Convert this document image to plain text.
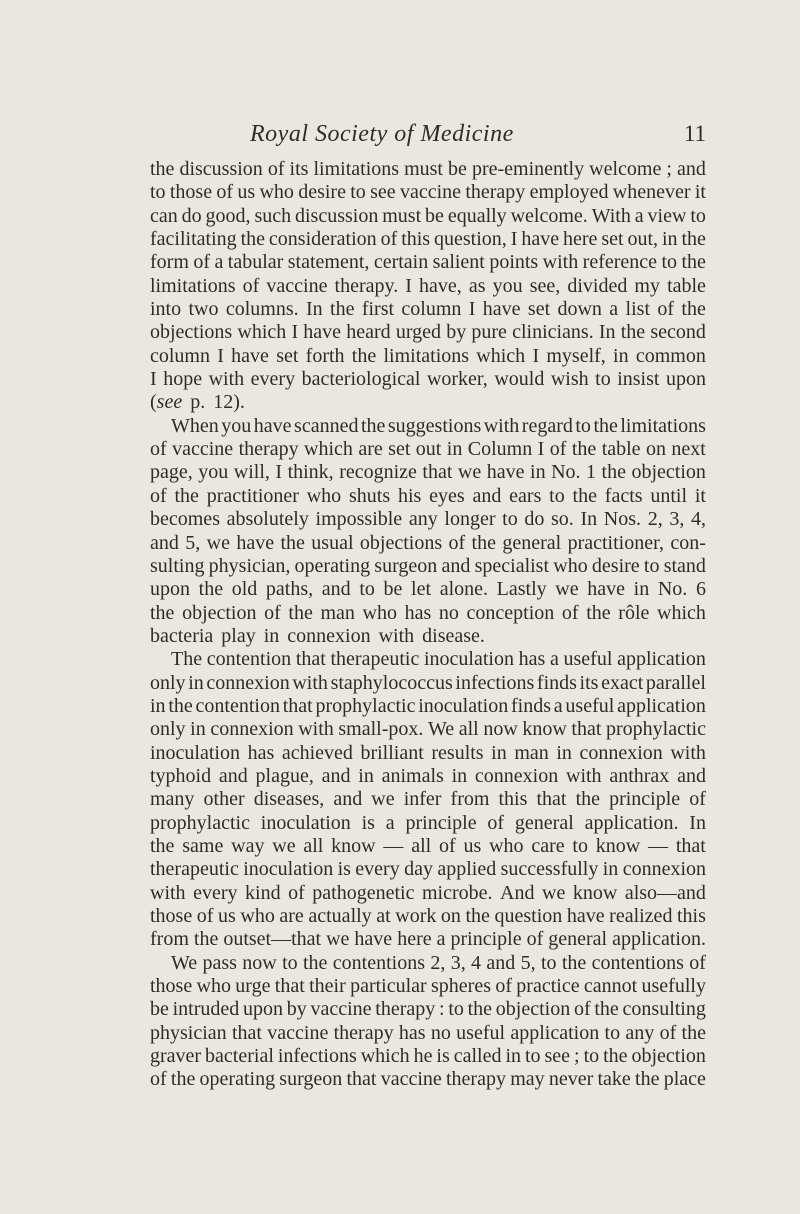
Royal Society of Medicine	11
the discussion of its limitations must be pre-eminently welcome ; and
to those of us who desire to see vaccine therapy employed whenever it
can do good, such discussion must be equally welcome. With a view to
facilitating the consideration of this question, I have here set out, in the
form of a tabular statement, certain salient points with reference to the
limitations of vaccine therapy. I have, as you see, divided my table
into two columns. In the first column I have set down a list of the
objections which I have heard urged by pure clinicians. In the second
column I have set forth the limitations which I myself, in common
I hope with every bacteriological worker, would wish to insist upon
(see p. 12).
When you have scanned the suggestions with regard to the limitations
of vaccine therapy which are set out in Column I of the table on next
page, you will, I think, recognize that we have in No. 1 the objection
of the practitioner who shuts his eyes and ears to the facts until it
becomes absolutely impossible any longer to do so. In Nos. 2, 3, 4,
and 5, we have the usual objections of the general practitioner, con-
sulting physician, operating surgeon and specialist who desire to stand
upon the old paths, and to be let alone. Lastly we have in No. 6
the objection of the man who has no conception of the rôle which
bacteria play in connexion with disease.
The contention that therapeutic inoculation has a useful application
only in connexion with staphylococcus infections finds its exact parallel
in the contention that prophylactic inoculation finds a useful application
only in connexion with small-pox. We all now know that prophylactic
inoculation has achieved brilliant results in man in connexion with
typhoid and plague, and in animals in connexion with anthrax and
many other diseases, and we infer from this that the principle of
prophylactic inoculation is a principle of general application. In
the same way we all know — all of us who care to know — that
therapeutic inoculation is every day applied successfully in connexion
with every kind of pathogenetic microbe. And we know also—and
those of us who are actually at work on the question have realized this
from the outset—that we have here a principle of general application.
We pass now to the contentions 2, 3, 4 and 5, to the contentions of
those who urge that their particular spheres of practice cannot usefully
be intruded upon by vaccine therapy : to the objection of the consulting
physician that vaccine therapy has no useful application to any of the
graver bacterial infections which he is called in to see ; to the objection
of the operating surgeon that vaccine therapy may never take the place
